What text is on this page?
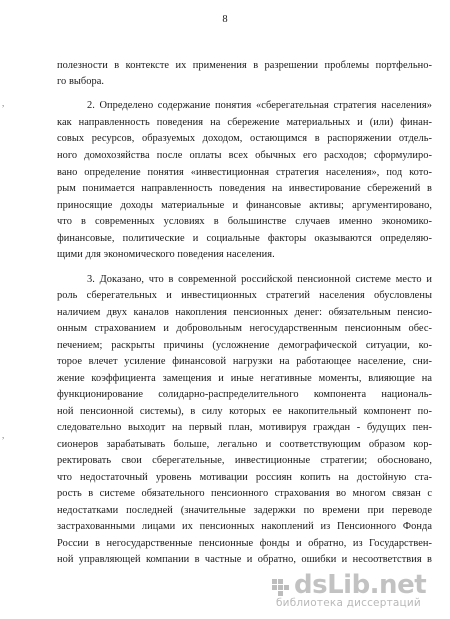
8
полезности в контексте их применения в разрешении проблемы портфельно-
го выбора.
2. Определено содержание понятия «сберегательная стратегия населения»
как направленность поведения на сбережение материальных и (или) финан-
совых ресурсов, образуемых доходом, остающимся в распоряжении отдель-
ного домохозяйства после оплаты всех обычных его расходов; сформулиро-
вано определение понятия «инвестиционная стратегия населения», под кото-
рым понимается направленность поведения на инвестирование сбережений в
приносящие доходы материальные и финансовые активы; аргументировано,
что в современных условиях в большинстве случаев именно экономико-
финансовые, политические и социальные факторы оказываются определяю-
щими для экономического поведения населения.
3. Доказано, что в современной российской пенсионной системе место и
роль сберегательных и инвестиционных стратегий населения обусловлены
наличием двух каналов накопления пенсионных денег: обязательным пенсио-
онным страхованием и добровольным негосударственным пенсионным обес-
печением; раскрыты причины (усложнение демографической ситуации, ко-
торое влечет усиление финансовой нагрузки на работающее население, сни-
жение коэффициента замещения и иные негативные моменты, влияющие на
функционирование солидарно-распределительного компонента националь-
ной пенсионной системы), в силу которых ее накопительный компонент по-
следовательно выходит на первый план, мотивируя граждан - будущих пен-
сионеров зарабатывать больше, легально и соответствующим образом кор-
ректировать свои сберегательные, инвестиционные стратегии; обосновано,
что недостаточный уровень мотивации россиян копить на достойную ста-
рость в системе обязательного пенсионного страхования во многом связан с
недостатками последней (значительные задержки по времени при переводе
застрахованными лицами их пенсионных накоплений из Пенсионного Фонда
России в негосударственные пенсионные фонды и обратно, из Государствен-
ной управляющей компании в частные и обратно, ошибки и несоответствия в
,
,
dsLib.net
библиотека диссертаций
